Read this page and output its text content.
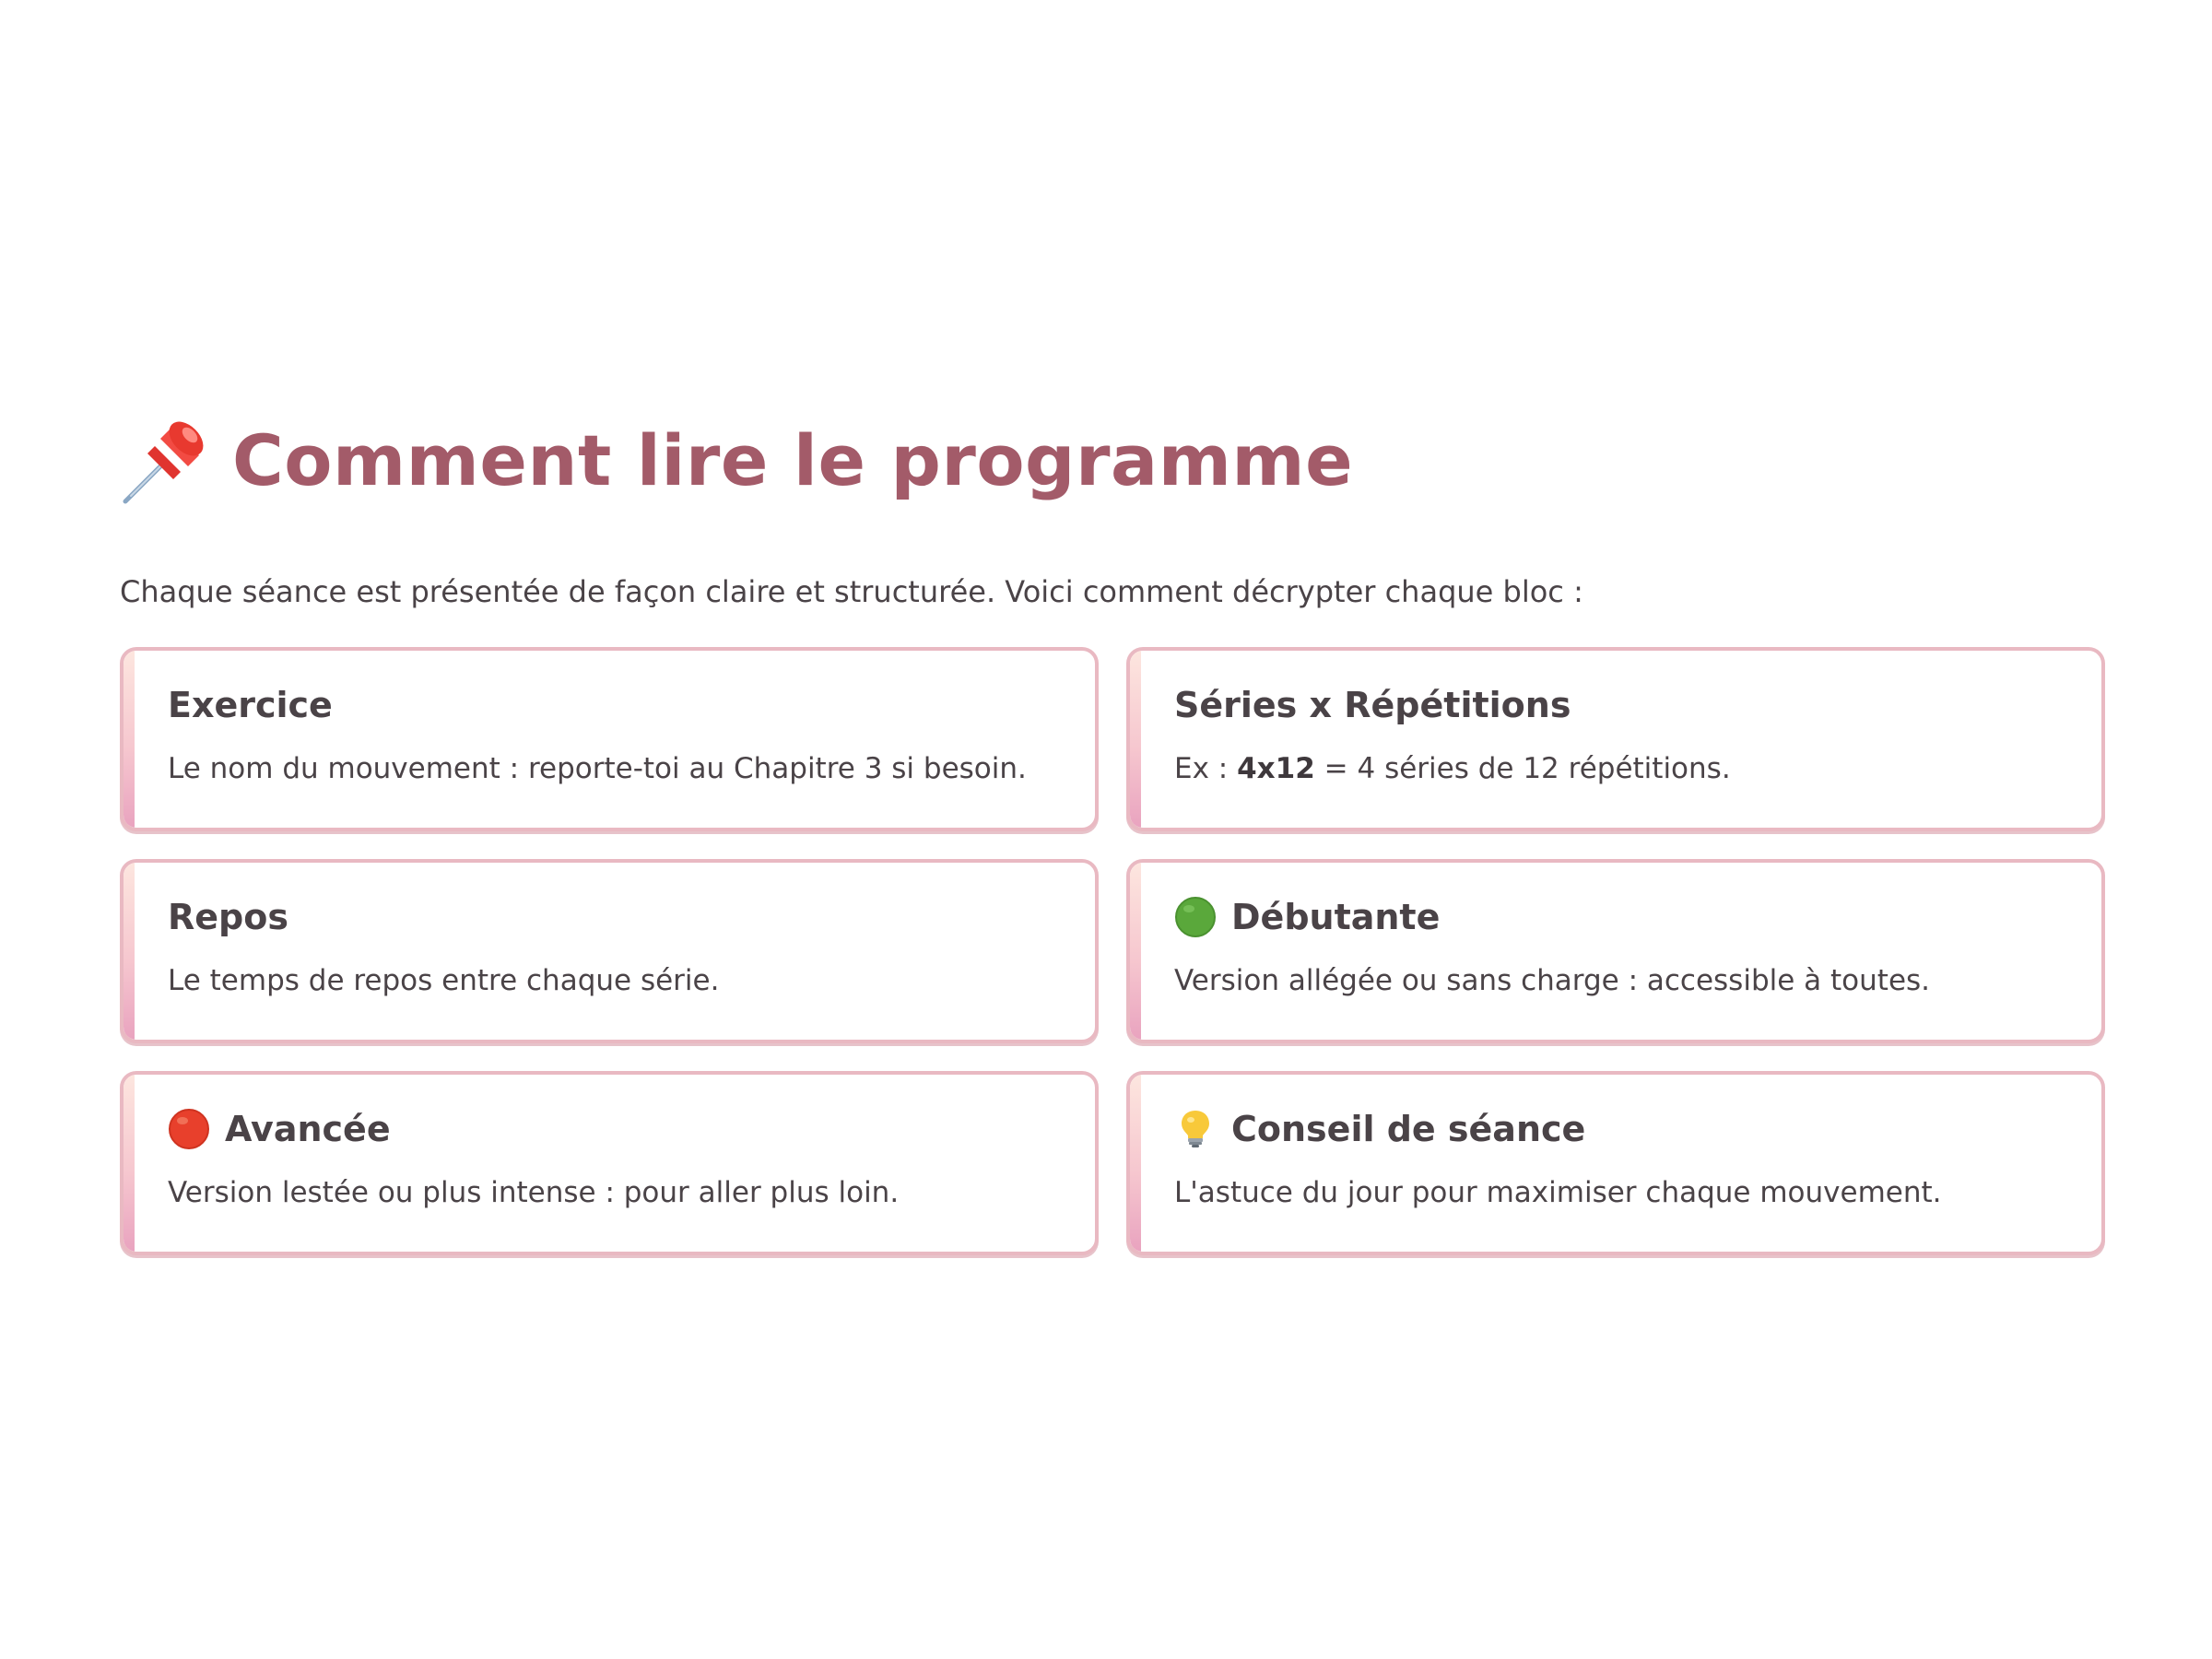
Comment lire le programme

Chaque séance est présentée de façon claire et structurée. Voici comment décrypter chaque bloc :

Exercice
Le nom du mouvement : reporte-toi au Chapitre 3 si besoin.
Séries x Répétitions
Ex : 4x12 = 4 séries de 12 répétitions.
Repos
Le temps de repos entre chaque série.
Débutante
Version allégée ou sans charge : accessible à toutes.
Avancée
Version lestée ou plus intense : pour aller plus loin.
Conseil de séance
L'astuce du jour pour maximiser chaque mouvement.
